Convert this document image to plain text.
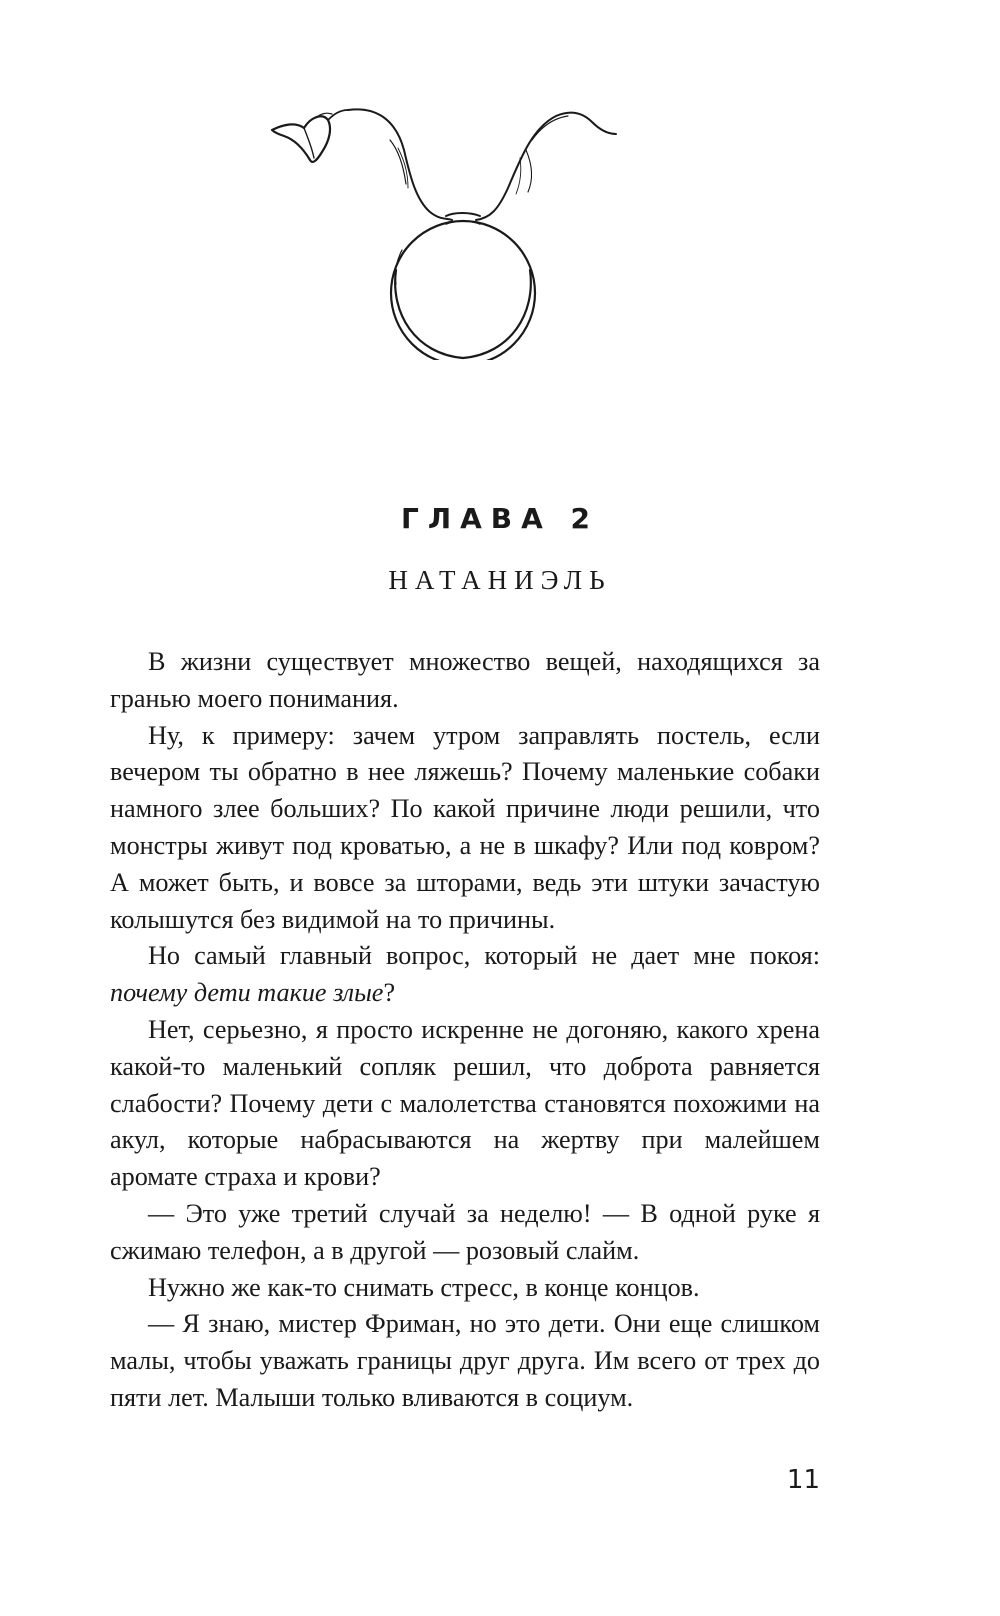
ГЛАВА 2
НАТАНИЭЛЬ

В жизни существует множество вещей, находящихся за гранью моего понимания.

Ну, к примеру: зачем утром заправлять постель, если вечером ты обратно в нее ляжешь? Почему маленькие собаки намного злее больших? По какой причине люди решили, что монстры живут под кроватью, а не в шкафу? Или под ковром? А может быть, и вовсе за шторами, ведь эти штуки зачастую колышутся без видимой на то причины.

Но самый главный вопрос, который не дает мне покоя: почему дети такие злые?

Нет, серьезно, я просто искренне не догоняю, какого хрена какой-то маленький сопляк решил, что доброта равняется слабости? Почему дети с малолетства становятся похожими на акул, которые набрасываются на жертву при малейшем аромате страха и крови?

— Это уже третий случай за неделю! — В одной руке я сжимаю телефон, а в другой — розовый слайм.

Нужно же как-то снимать стресс, в конце концов.

— Я знаю, мистер Фриман, но это дети. Они еще слишком малы, чтобы уважать границы друг друга. Им всего от трех до пяти лет. Малыши только вливаются в социум.

11
